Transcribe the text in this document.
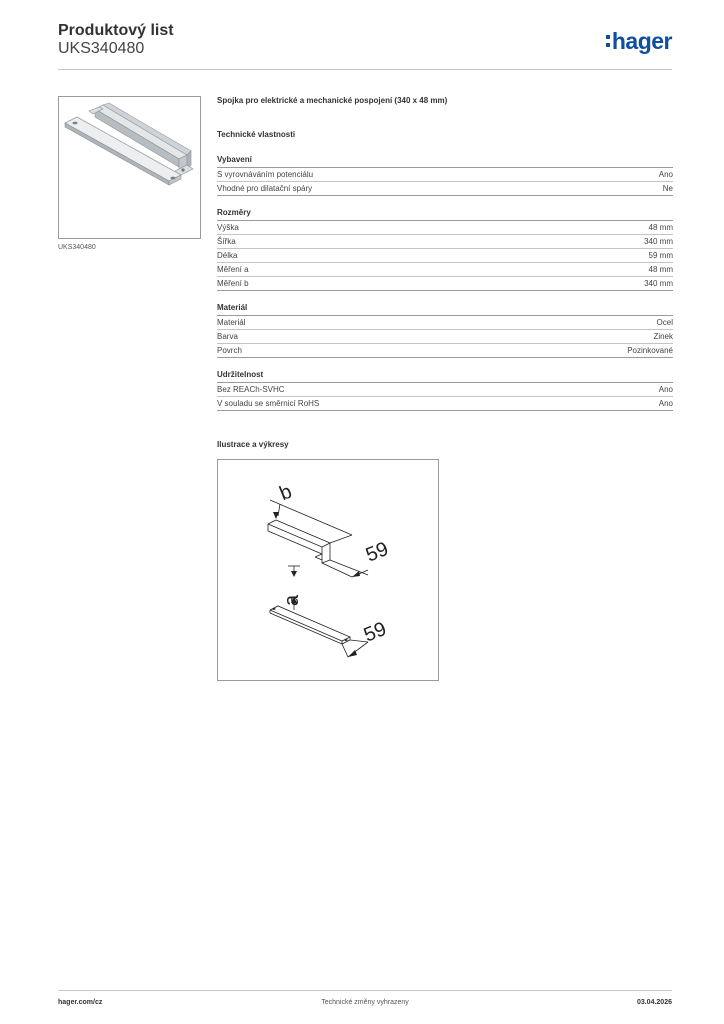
Produktový list
UKS340480	hager
UKS340480
Spojka pro elektrické a mechanické pospojení (340 x 48 mm)
Technické vlastnosti
Vybavení
S vyrovnáváním potenciálu	Ano
Vhodné pro dilatační spáry	Ne
Rozměry
Výška	48 mm
Šířka	340 mm
Délka	59 mm
Měření a	48 mm
Měření b	340 mm
Materiál
Materiál	Ocel
Barva	Zinek
Povrch	Pozinkované
Udržitelnost
Bez REACh-SVHC	Ano
V souladu se směrnicí RoHS	Ano
Ilustrace a výkresy
b
59
a
59
hager.com/cz	Technické změny vyhrazeny	03.04.2026
